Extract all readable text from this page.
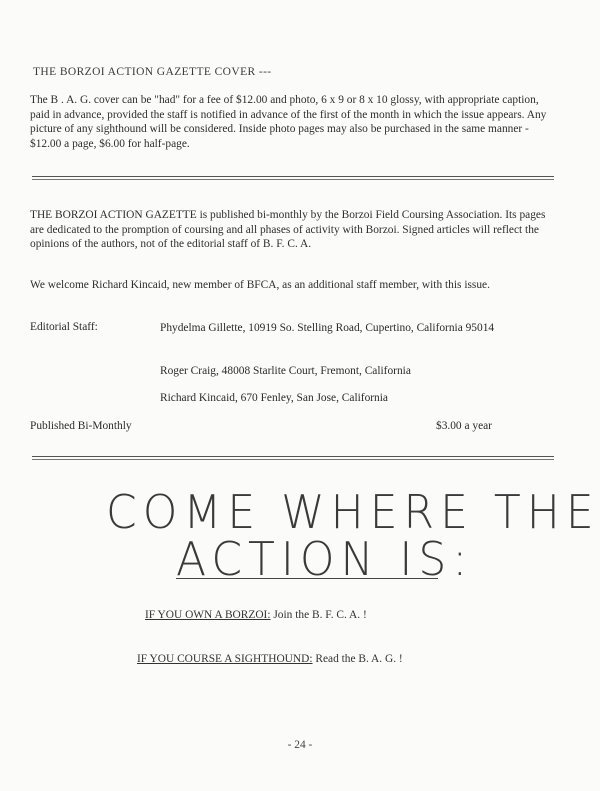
THE BORZOI ACTION GAZETTE COVER ---

The B . A. G. cover can be "had" for a fee of $12.00 and photo, 6 x 9 or 8 x 10 glossy, with appropriate caption, paid in advance, provided the staff is notified in advance of the first of the month in which the issue appears. Any picture of any sighthound will be considered. Inside photo pages may also be purchased in the same manner - $12.00 a page, $6.00 for half-page.

THE BORZOI ACTION GAZETTE is published bi-monthly by the Borzoi Field Coursing Association. Its pages are dedicated to the promption of coursing and all phases of activity with Borzoi. Signed articles will reflect the opinions of the authors, not of the editorial staff of B. F. C. A.

We welcome Richard Kincaid, new member of BFCA, as an additional staff member, with this issue.

Editorial Staff:	Phydelma Gillette, 10919 So. Stelling Road, Cupertino, California 95014
Roger Craig, 48008 Starlite Court, Fremont, California
Richard Kincaid, 670 Fenley, San Jose, California
Published Bi-Monthly	$3.00 a year
COME WHERE THE
ACTION IS:
IF YOU OWN A BORZOI: Join the B. F. C. A. !
IF YOU COURSE A SIGHTHOUND: Read the B. A. G. !
- 24 -
